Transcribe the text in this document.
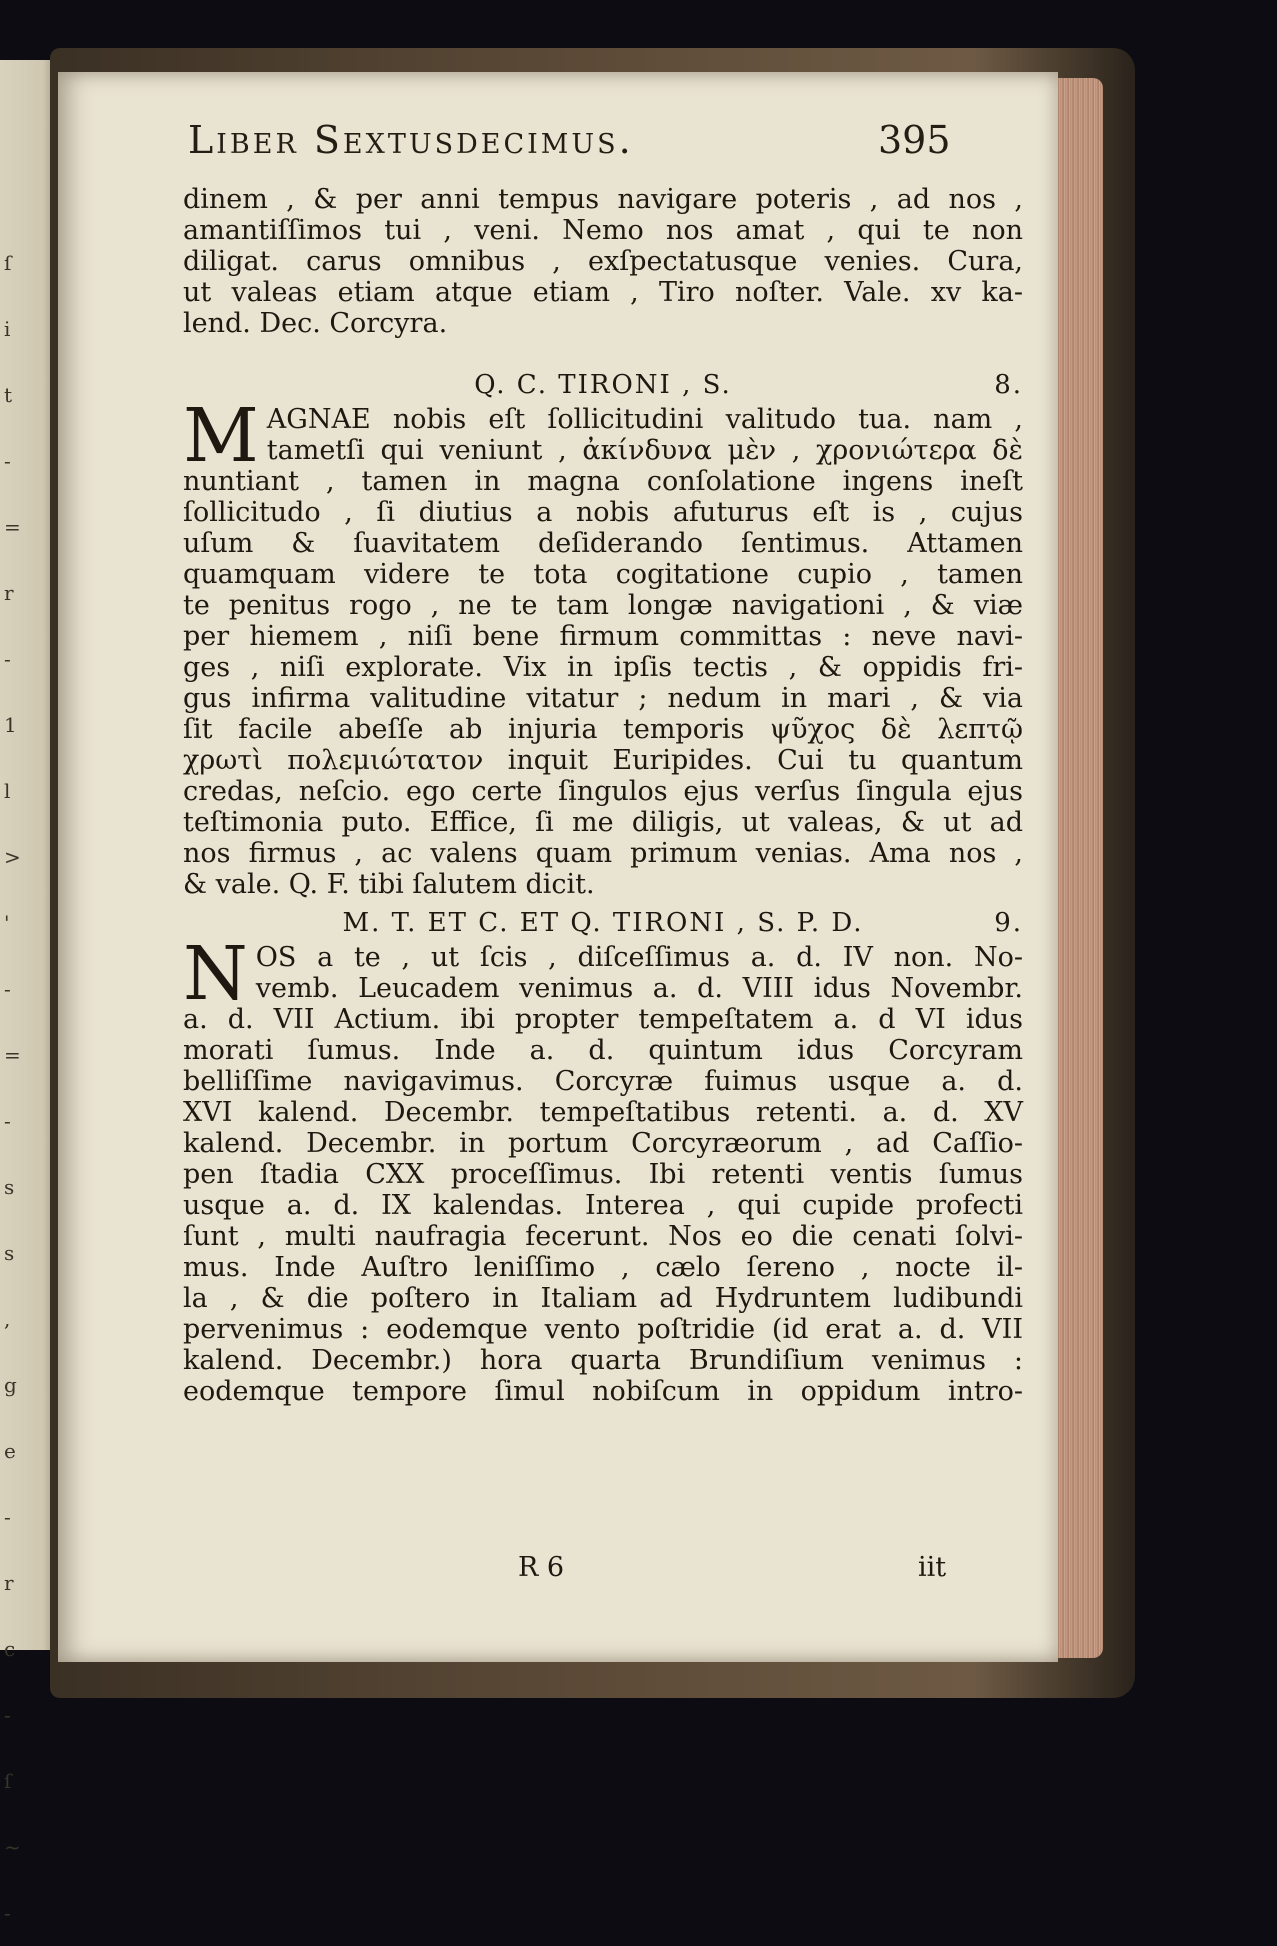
ſ
i
t
-
=
r
-
1
l
>
'
-
=
-
s
s
,
g
e
-
r
c
-
ſ
~
-
Liber Sextusdecimus.	395
dinem , & per anni tempus navigare poteris , ad nos ,
amantiſſimos tui , veni. Nemo nos amat , qui te non
diligat. carus omnibus , exſpectatusque venies. Cura,
ut valeas etiam atque etiam , Tiro noſter. Vale. xv ka-
lend. Dec. Corcyra.
Q. C. TIRONI , S.	8.
M AGNAE nobis eſt ſollicitudini valitudo tua. nam ,
tametſi qui veniunt , ἀκίνδυνα μὲν , χρονιώτερα δὲ
nuntiant , tamen in magna conſolatione ingens ineſt
ſollicitudo , ſi diutius a nobis afuturus eſt is , cujus
uſum & ſuavitatem deſiderando ſentimus. Attamen
quamquam videre te tota cogitatione cupio , tamen
te penitus rogo , ne te tam longæ navigationi , & viæ
per hiemem , niſi bene firmum committas : neve navi-
ges , niſi explorate. Vix in ipſis tectis , & oppidis fri-
gus infirma valitudine vitatur ; nedum in mari , & via
ſit facile abeſſe ab injuria temporis ψῦχος δὲ λεπτῷ
χρωτὶ πολεμιώτατον inquit Euripides. Cui tu quantum
credas, neſcio. ego certe ſingulos ejus verſus ſingula ejus
teſtimonia puto. Effice, ſi me diligis, ut valeas, & ut ad
nos firmus , ac valens quam primum venias. Ama nos ,
& vale. Q. F. tibi ſalutem dicit.
M. T. ET C. ET Q. TIRONI , S. P. D.	9.
N OS a te , ut ſcis , diſceſſimus a. d. IV non. No-
vemb. Leucadem venimus a. d. VIII idus Novembr.
a. d. VII Actium. ibi propter tempeſtatem a. d VI idus
morati ſumus. Inde a. d. quintum idus Corcyram
belliſſime navigavimus. Corcyræ fuimus usque a. d.
XVI kalend. Decembr. tempeſtatibus retenti. a. d. XV
kalend. Decembr. in portum Corcyræorum , ad Caſſio-
pen ſtadia CXX proceſſimus. Ibi retenti ventis ſumus
usque a. d. IX kalendas. Interea , qui cupide profecti
ſunt , multi naufragia fecerunt. Nos eo die cenati ſolvi-
mus. Inde Auſtro leniſſimo , cælo ſereno , nocte il-
la , & die poſtero in Italiam ad Hydruntem ludibundi
pervenimus : eodemque vento poſtridie (id erat a. d. VII
kalend. Decembr.) hora quarta Brundiſium venimus :
eodemque tempore ſimul nobiſcum in oppidum intro-
R 6	iit
